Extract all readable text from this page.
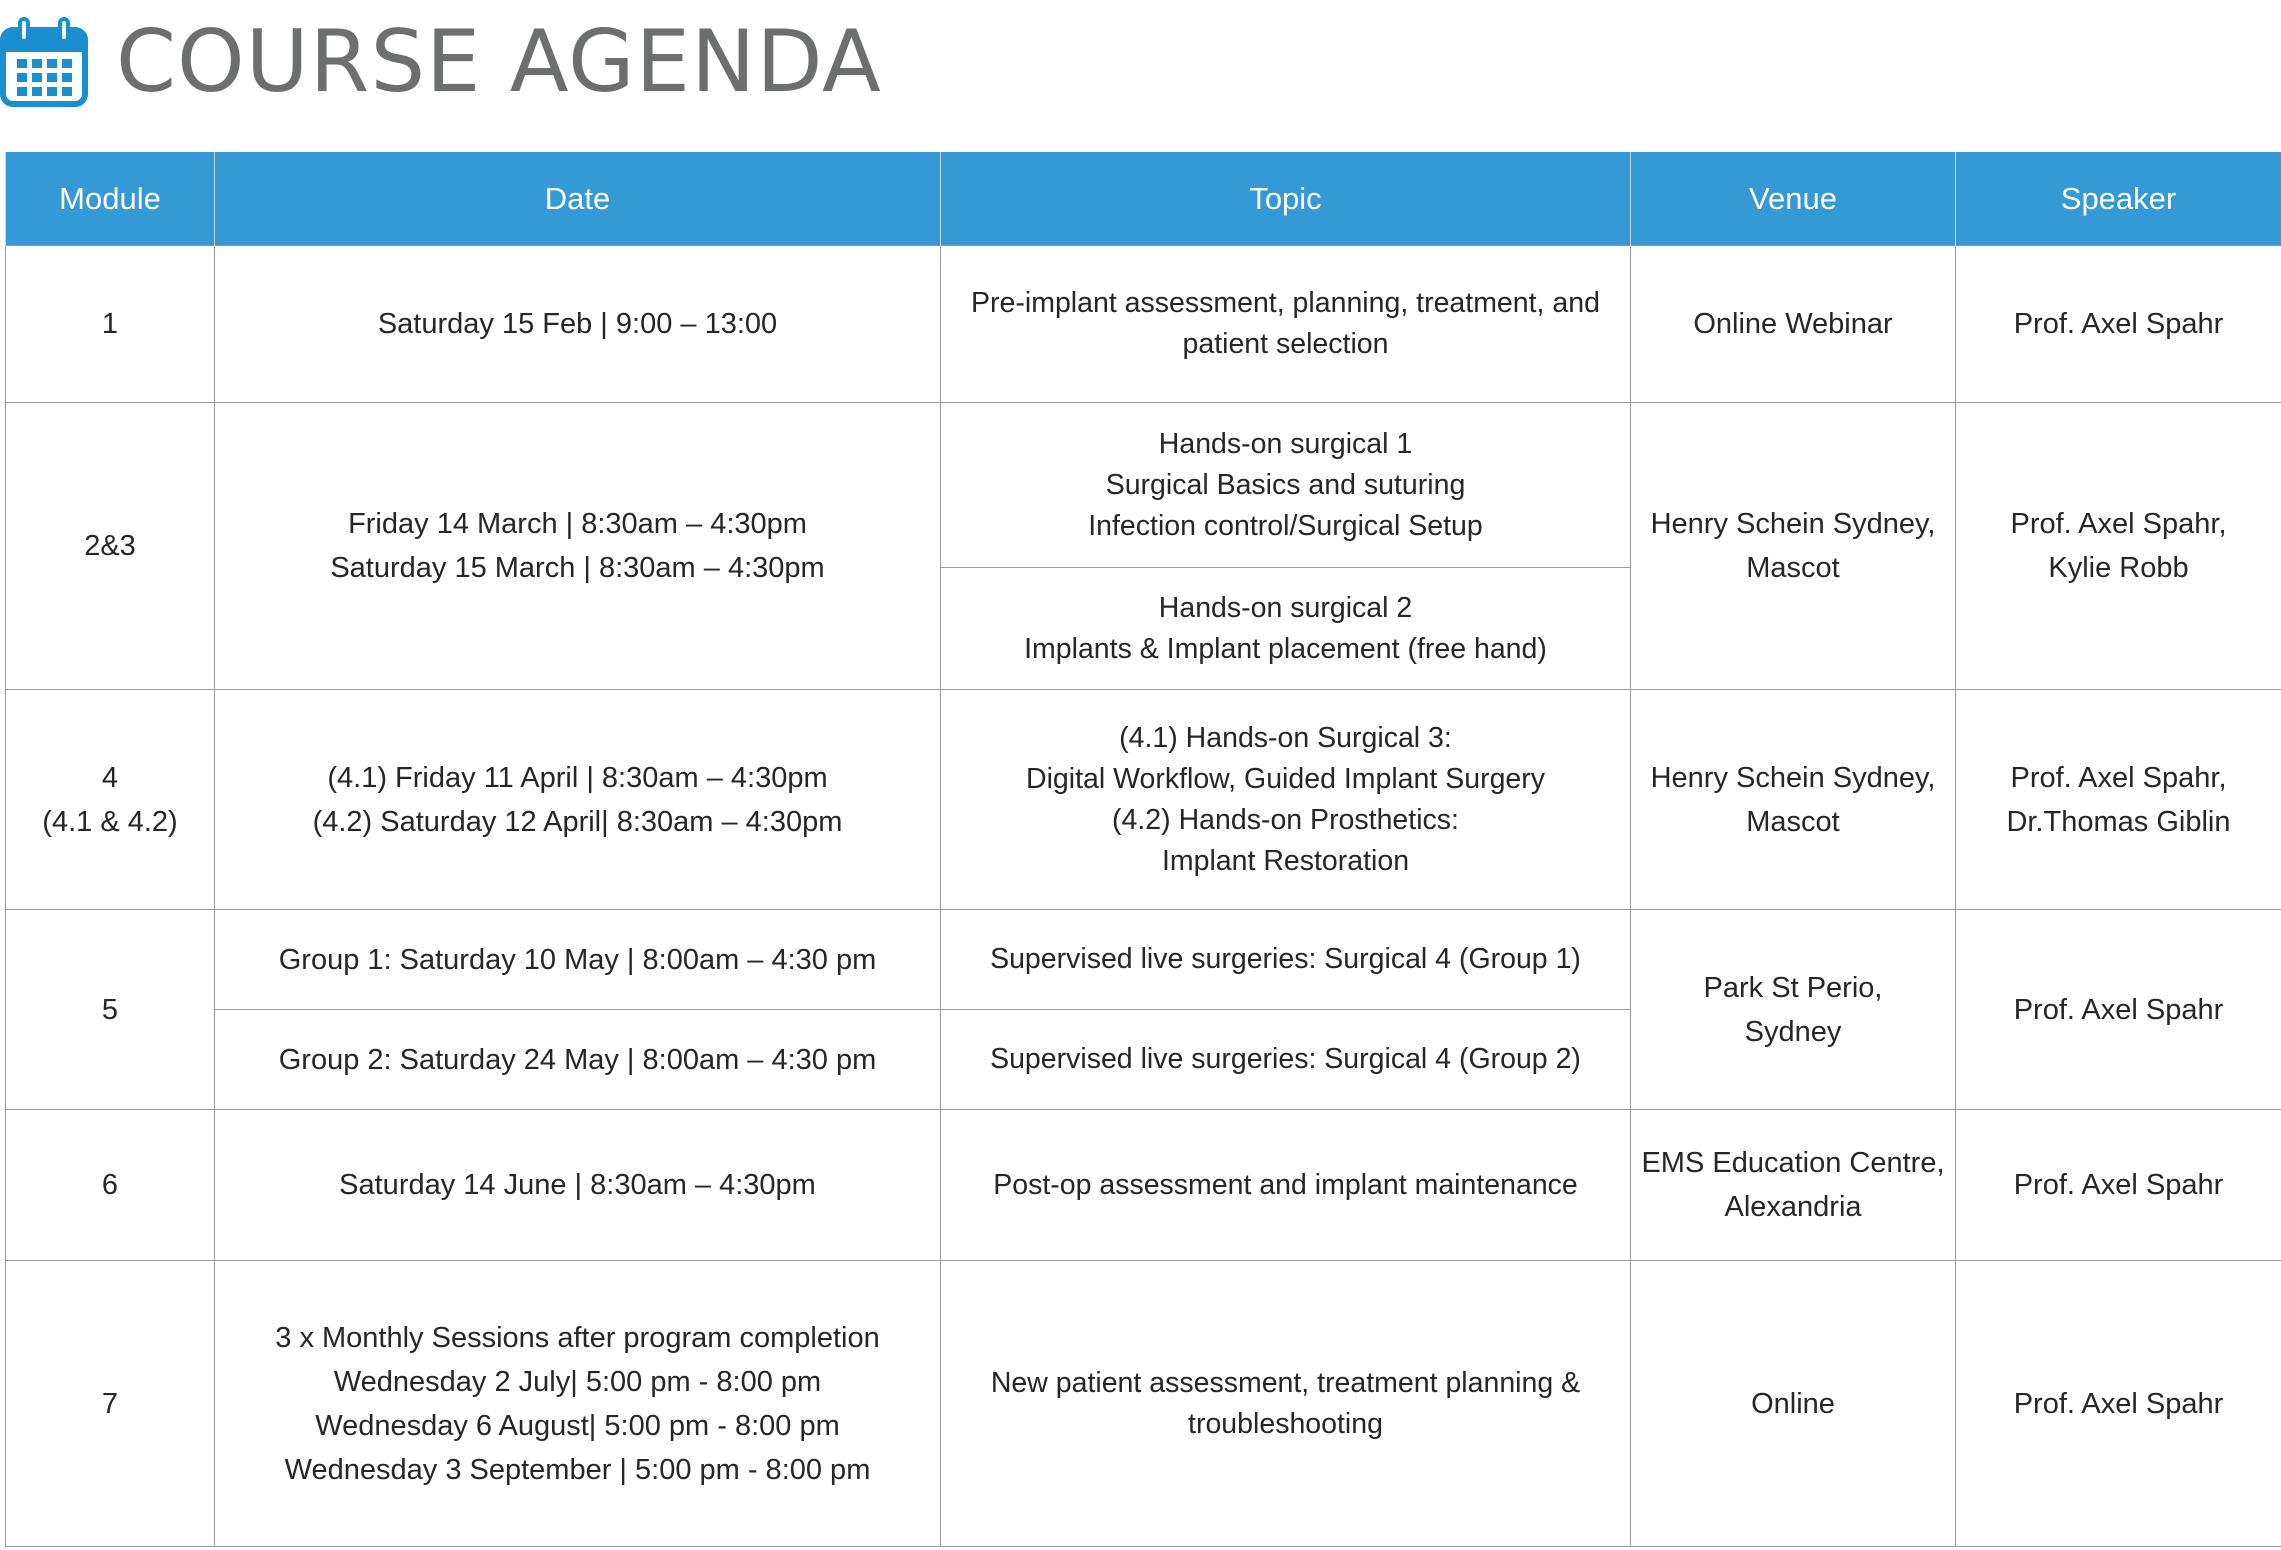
COURSE AGENDA
Module	Date	Topic	Venue	Speaker

1	Saturday 15 Feb | 9:00 – 13:00	Pre-implant assessment, planning, treatment, and
patient selection	Online Webinar	Prof. Axel Spahr

2&3	Friday 14 March | 8:30am – 4:30pm
Saturday 15 March | 8:30am – 4:30pm	Hands-on surgical 1
Surgical Basics and suturing
Infection control/Surgical Setup	Henry Schein Sydney,
Mascot	Prof. Axel Spahr,
Kylie Robb

		Hands-on surgical 2
Implants & Implant placement (free hand)		

4
(4.1 & 4.2)	(4.1) Friday 11 April | 8:30am – 4:30pm
(4.2) Saturday 12 April| 8:30am – 4:30pm	(4.1) Hands-on Surgical 3:
Digital Workflow, Guided Implant Surgery
(4.2) Hands-on Prosthetics:
Implant Restoration	Henry Schein Sydney,
Mascot	Prof. Axel Spahr,
Dr.Thomas Giblin

5	Group 1: Saturday 10 May | 8:00am – 4:30 pm	Supervised live surgeries: Surgical 4 (Group 1)	Park St Perio,
Sydney	Prof. Axel Spahr

	Group 2: Saturday 24 May | 8:00am – 4:30 pm	Supervised live surgeries: Surgical 4 (Group 2)		

6	Saturday 14 June | 8:30am – 4:30pm	Post-op assessment and implant maintenance	EMS Education Centre,
Alexandria	Prof. Axel Spahr

7	3 x Monthly Sessions after program completion
Wednesday 2 July| 5:00 pm - 8:00 pm
Wednesday 6 August| 5:00 pm - 8:00 pm
Wednesday 3 September | 5:00 pm - 8:00 pm	New patient assessment, treatment planning &
troubleshooting	Online	Prof. Axel Spahr
